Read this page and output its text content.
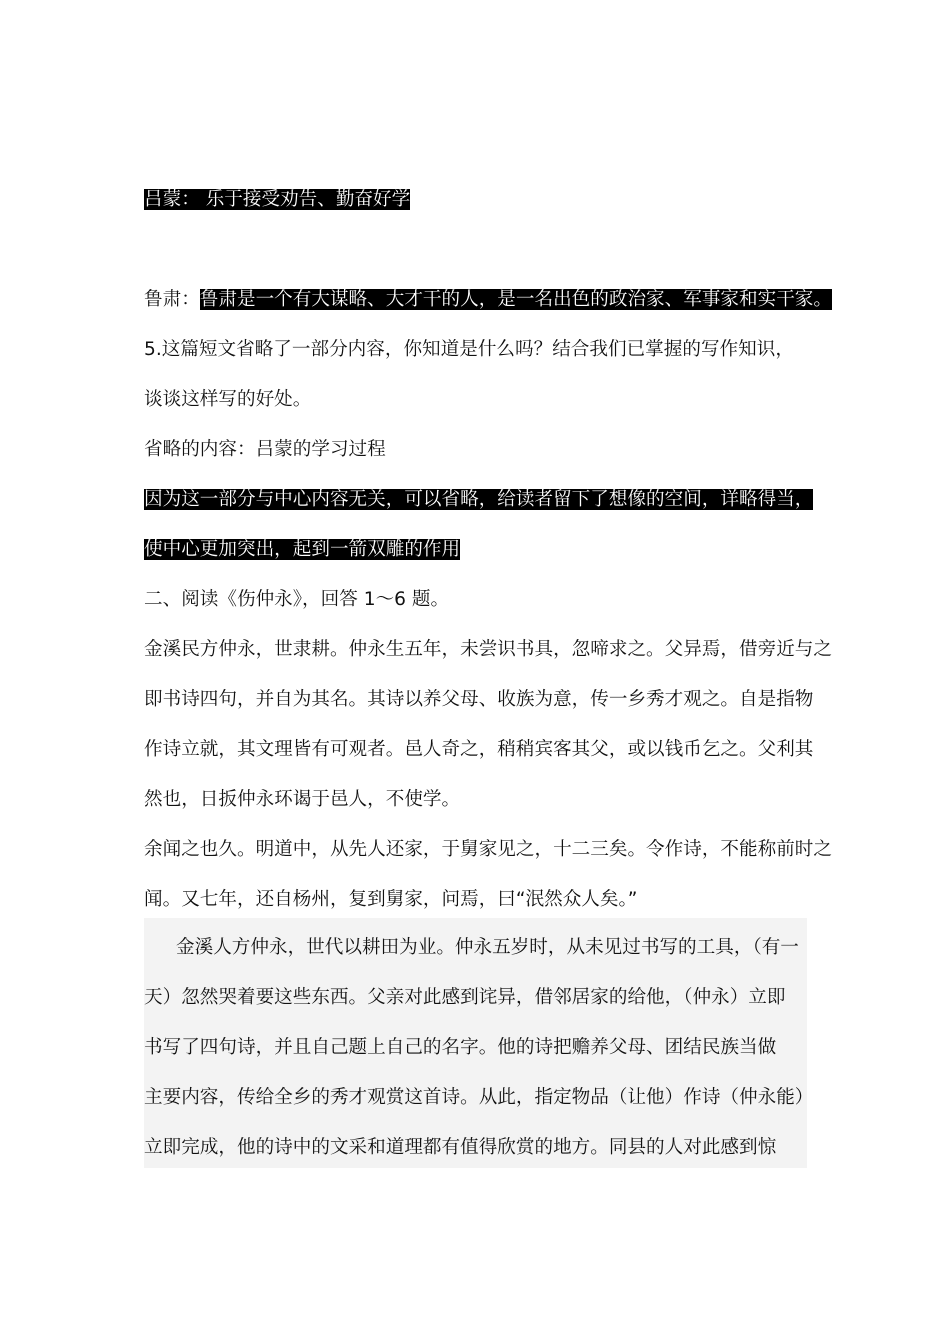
吕蒙： 乐于接受劝告、勤奋好学
鲁肃：鲁肃是一个有大谋略、大才干的人，是一名出色的政治家、军事家和实干家。
5.这篇短文省略了一部分内容，你知道是什么吗？结合我们已掌握的写作知识，
谈谈这样写的好处。
省略的内容：吕蒙的学习过程
因为这一部分与中心内容无关，可以省略，给读者留下了想像的空间，详略得当，
使中心更加突出，起到一箭双雕的作用
二、阅读《伤仲永》，回答 1～6 题。
金溪民方仲永，世隶耕。仲永生五年，未尝识书具，忽啼求之。父异焉，借旁近与之
即书诗四句，并自为其名。其诗以养父母、收族为意，传一乡秀才观之。自是指物
作诗立就，其文理皆有可观者。邑人奇之，稍稍宾客其父，或以钱币乞之。父利其
然也，日扳仲永环谒于邑人，不使学。
余闻之也久。明道中，从先人还家，于舅家见之，十二三矣。令作诗，不能称前时之
闻。又七年，还自杨州，复到舅家，问焉，曰“泯然众人矣。”
金溪人方仲永，世代以耕田为业。仲永五岁时，从未见过书写的工具，（有一
天）忽然哭着要这些东西。父亲对此感到诧异，借邻居家的给他，（仲永）立即
书写了四句诗，并且自己题上自己的名字。他的诗把赡养父母、团结民族当做
主要内容，传给全乡的秀才观赏这首诗。从此，指定物品（让他）作诗（仲永能）
立即完成，他的诗中的文采和道理都有值得欣赏的地方。同县的人对此感到惊
